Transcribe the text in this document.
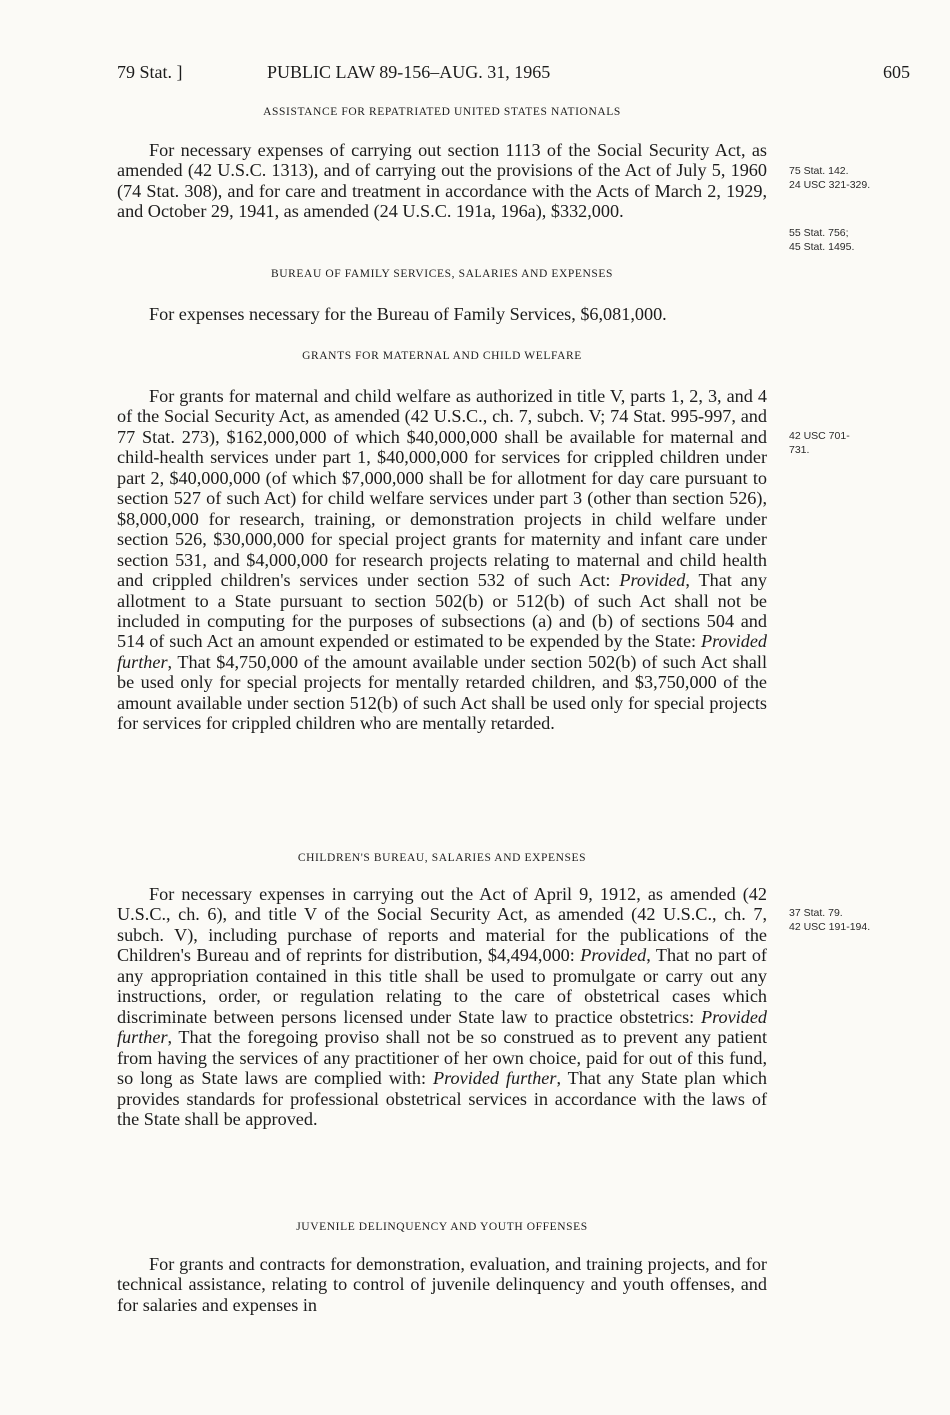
79 Stat. ]	PUBLIC LAW 89-156–AUG. 31, 1965	605
ASSISTANCE FOR REPATRIATED UNITED STATES NATIONALS

For necessary expenses of carrying out section 1113 of the Social Security Act, as amended (42 U.S.C. 1313), and of carrying out the provisions of the Act of July 5, 1960 (74 Stat. 308), and for care and treatment in accordance with the Acts of March 2, 1929, and October 29, 1941, as amended (24 U.S.C. 191a, 196a), $332,000.

BUREAU OF FAMILY SERVICES, SALARIES AND EXPENSES

For expenses necessary for the Bureau of Family Services, $6,081,000.

GRANTS FOR MATERNAL AND CHILD WELFARE

For grants for maternal and child welfare as authorized in title V, parts 1, 2, 3, and 4 of the Social Security Act, as amended (42 U.S.C., ch. 7, subch. V; 74 Stat. 995-997, and 77 Stat. 273), $162,000,000 of which $40,000,000 shall be available for maternal and child-health services under part 1, $40,000,000 for services for crippled children under part 2, $40,000,000 (of which $7,000,000 shall be for allotment for day care pursuant to section 527 of such Act) for child welfare services under part 3 (other than section 526), $8,000,000 for research, training, or demonstration projects in child welfare under section 526, $30,000,000 for special project grants for maternity and infant care under section 531, and $4,000,000 for research projects relating to maternal and child health and crippled children's services under section 532 of such Act: Provided, That any allotment to a State pursuant to section 502(b) or 512(b) of such Act shall not be included in computing for the purposes of subsections (a) and (b) of sections 504 and 514 of such Act an amount expended or estimated to be expended by the State: Provided further, That $4,750,000 of the amount available under section 502(b) of such Act shall be used only for special projects for mentally retarded children, and $3,750,000 of the amount available under section 512(b) of such Act shall be used only for special projects for services for crippled children who are mentally retarded.

CHILDREN'S BUREAU, SALARIES AND EXPENSES

For necessary expenses in carrying out the Act of April 9, 1912, as amended (42 U.S.C., ch. 6), and title V of the Social Security Act, as amended (42 U.S.C., ch. 7, subch. V), including purchase of reports and material for the publications of the Children's Bureau and of reprints for distribution, $4,494,000: Provided, That no part of any appropriation contained in this title shall be used to promulgate or carry out any instructions, order, or regulation relating to the care of obstetrical cases which discriminate between persons licensed under State law to practice obstetrics: Provided further, That the foregoing proviso shall not be so construed as to prevent any patient from having the services of any practitioner of her own choice, paid for out of this fund, so long as State laws are complied with: Provided further, That any State plan which provides standards for professional obstetrical services in accordance with the laws of the State shall be approved.

JUVENILE DELINQUENCY AND YOUTH OFFENSES

For grants and contracts for demonstration, evaluation, and training projects, and for technical assistance, relating to control of juvenile delinquency and youth offenses, and for salaries and expenses in

75 Stat. 142.
24 USC 321-329.
55 Stat. 756;
45 Stat. 1495.
42 USC 701-
731.
37 Stat. 79.
42 USC 191-194.
